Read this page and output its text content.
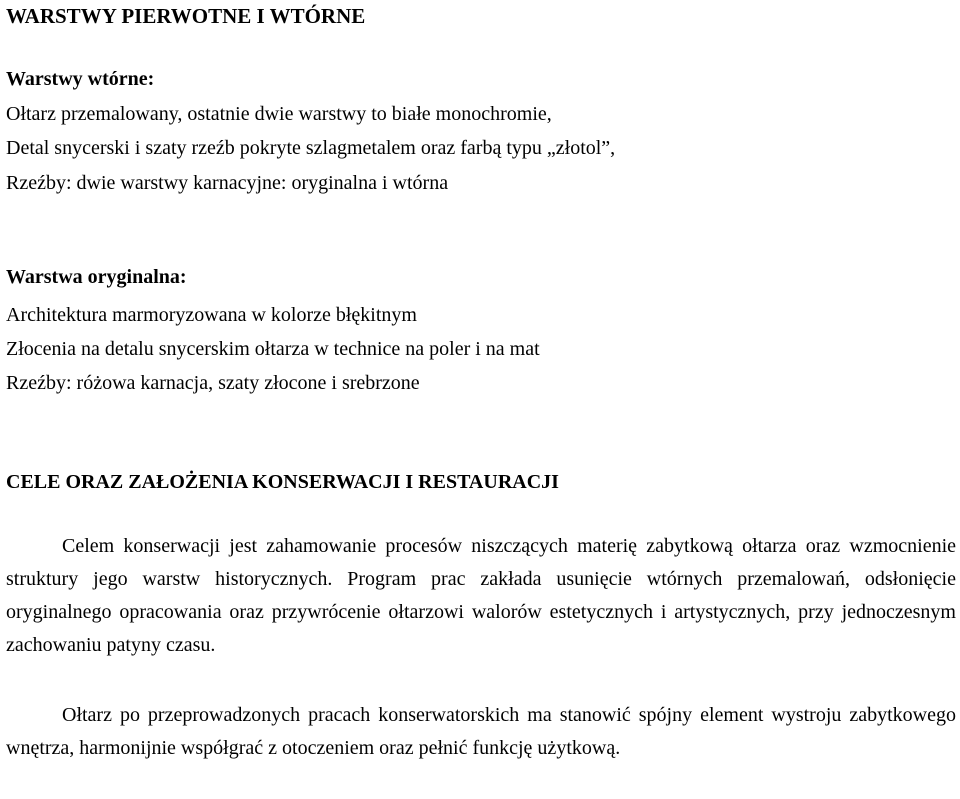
WARSTWY PIERWOTNE I WTÓRNE
Warstwy wtórne:

Ołtarz przemalowany, ostatnie dwie warstwy to białe monochromie,

Detal snycerski i szaty rzeźb pokryte szlagmetalem oraz farbą typu „złotol”,

Rzeźby: dwie warstwy karnacyjne: oryginalna i wtórna

Warstwa oryginalna:

Architektura marmoryzowana w kolorze błękitnym

Złocenia na detalu snycerskim ołtarza w technice na poler i na mat

Rzeźby: różowa karnacja, szaty złocone i srebrzone

CELE ORAZ ZAŁOŻENIA KONSERWACJI I RESTAURACJI

Celem konserwacji jest zahamowanie procesów niszczących materię zabytkową ołtarza oraz wzmocnienie struktury jego warstw historycznych. Program prac zakłada usunięcie wtórnych przemalowań, odsłonięcie oryginalnego opracowania oraz przywrócenie ołtarzowi walorów estetycznych i artystycznych, przy jednoczesnym zachowaniu patyny czasu.

Ołtarz po przeprowadzonych pracach konserwatorskich ma stanowić spójny element wystroju zabytkowego wnętrza, harmonijnie współgrać z otoczeniem oraz pełnić funkcję użytkową.
